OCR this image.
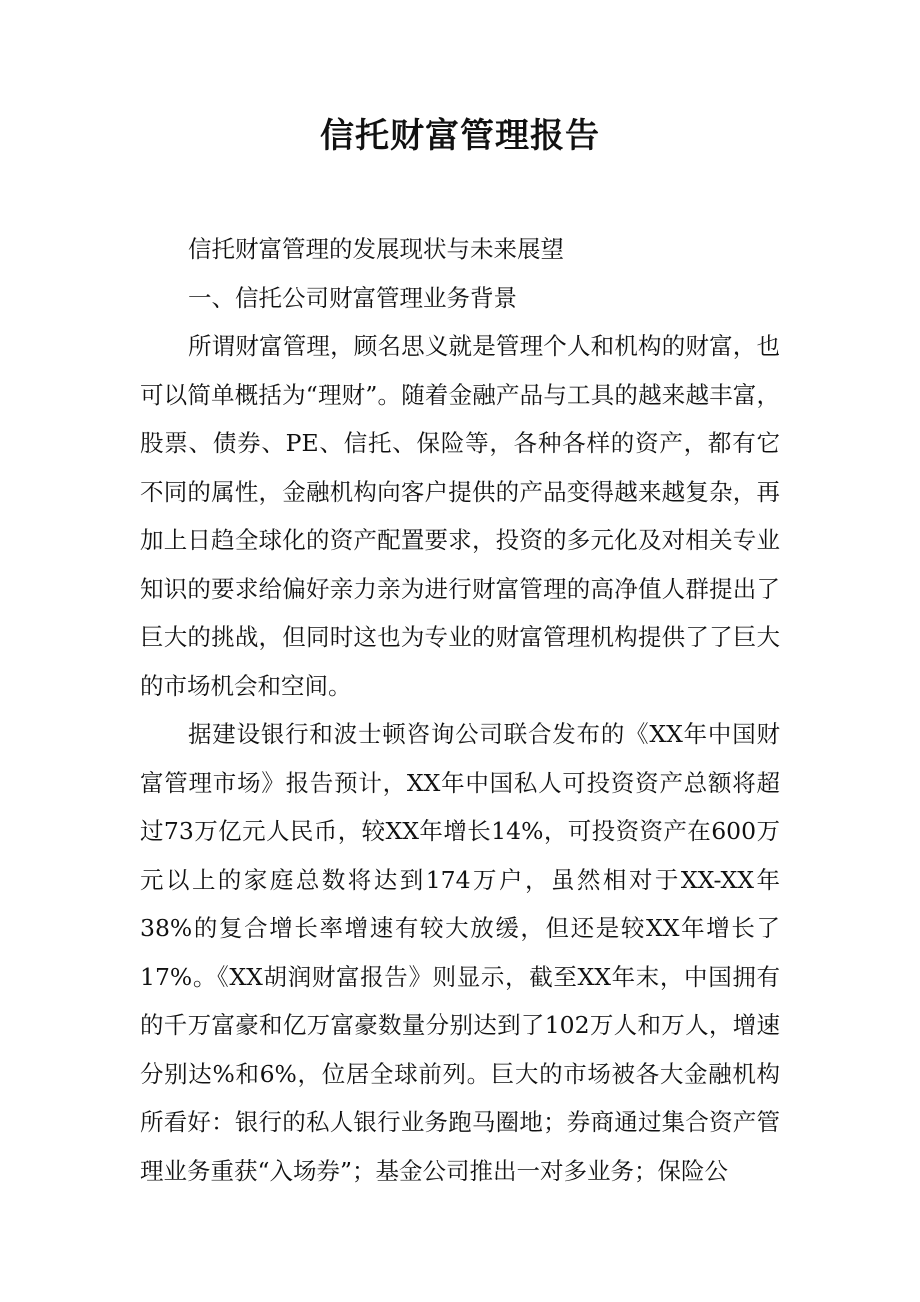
信托财富管理报告

信托财富管理的发展现状与未来展望

一、信托公司财富管理业务背景

所谓财富管理，顾名思义就是管理个人和机构的财富，也可以简单概括为“理财”。随着金融产品与工具的越来越丰富，股票、债券、PE、信托、保险等，各种各样的资产，都有它不同的属性，金融机构向客户提供的产品变得越来越复杂，再加上日趋全球化的资产配置要求，投资的多元化及对相关专业知识的要求给偏好亲力亲为进行财富管理的高净值人群提出了巨大的挑战，但同时这也为专业的财富管理机构提供了了巨大的市场机会和空间。

据建设银行和波士顿咨询公司联合发布的《XX年中国财富管理市场》报告预计，XX年中国私人可投资资产总额将超过73万亿元人民币，较XX年增长14%，可投资资产在600万元以上的家庭总数将达到174万户，虽然相对于XX-XX年38%的复合增长率增速有较大放缓，但还是较XX年增长了17%。《XX胡润财富报告》则显示，截至XX年末，中国拥有的千万富豪和亿万富豪数量分别达到了102万人和万人，增速分别达%和6%，位居全球前列。巨大的市场被各大金融机构所看好：银行的私人银行业务跑马圈地；券商通过集合资产管理业务重获“入场券”；基金公司推出一对多业务；保险公
